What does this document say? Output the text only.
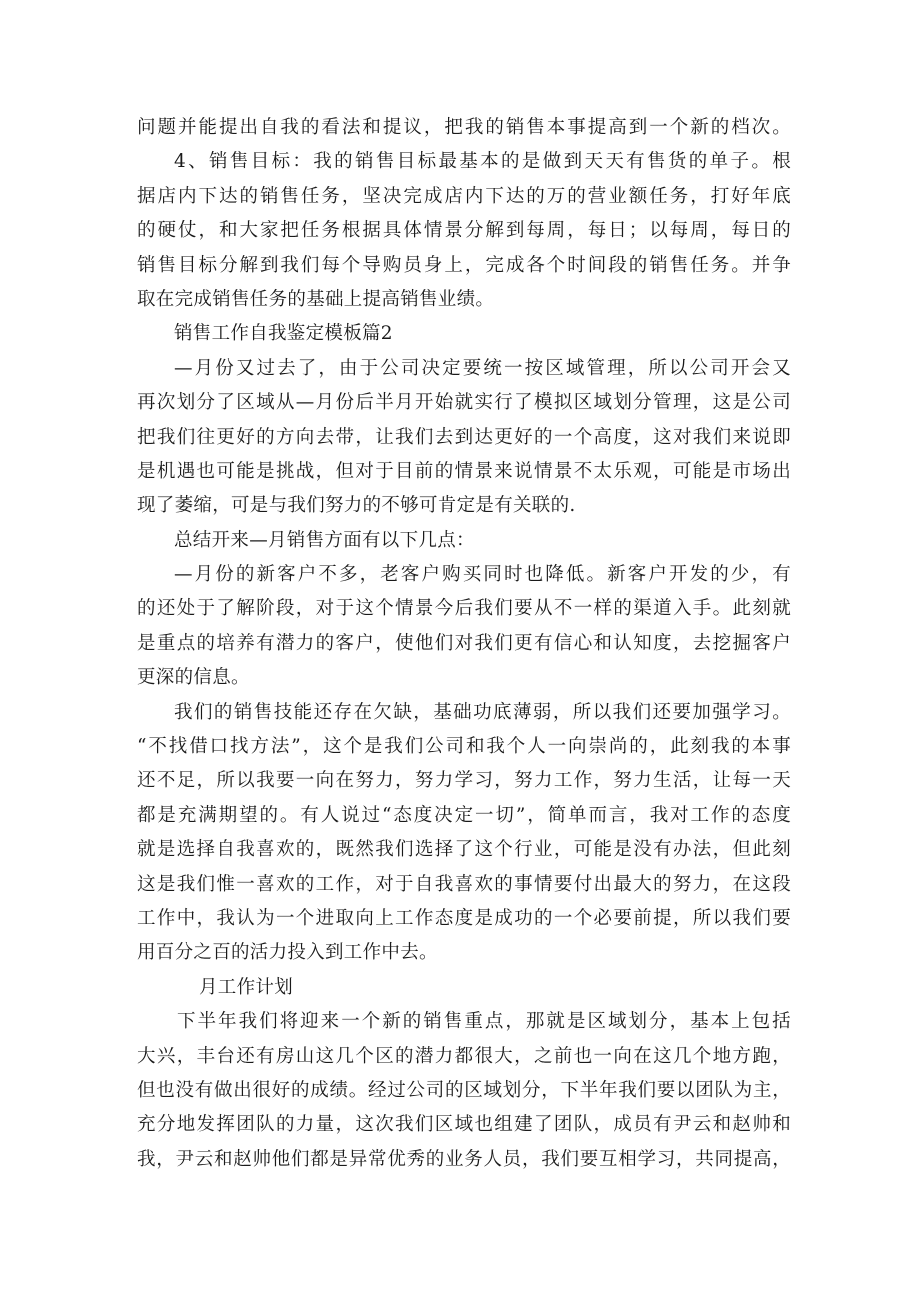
问题并能提出自我的看法和提议，把我的销售本事提高到一个新的档次。
4、销售目标：我的销售目标最基本的是做到天天有售货的单子。根
据店内下达的销售任务，坚决完成店内下达的万的营业额任务，打好年底
的硬仗，和大家把任务根据具体情景分解到每周，每日；以每周，每日的
销售目标分解到我们每个导购员身上，完成各个时间段的销售任务。并争
取在完成销售任务的基础上提高销售业绩。
销售工作自我鉴定模板篇2
—月份又过去了，由于公司决定要统一按区域管理，所以公司开会又
再次划分了区域从—月份后半月开始就实行了模拟区域划分管理，这是公司
把我们往更好的方向去带，让我们去到达更好的一个高度，这对我们来说即
是机遇也可能是挑战，但对于目前的情景来说情景不太乐观，可能是市场出
现了萎缩，可是与我们努力的不够可肯定是有关联的.
总结开来—月销售方面有以下几点：
—月份的新客户不多，老客户购买同时也降低。新客户开发的少，有
的还处于了解阶段，对于这个情景今后我们要从不一样的渠道入手。此刻就
是重点的培养有潜力的客户，使他们对我们更有信心和认知度，去挖掘客户
更深的信息。
我们的销售技能还存在欠缺，基础功底薄弱，所以我们还要加强学习。
“不找借口找方法”，这个是我们公司和我个人一向崇尚的，此刻我的本事
还不足，所以我要一向在努力，努力学习，努力工作，努力生活，让每一天
都是充满期望的。有人说过“态度决定一切”，简单而言，我对工作的态度
就是选择自我喜欢的，既然我们选择了这个行业，可能是没有办法，但此刻
这是我们惟一喜欢的工作，对于自我喜欢的事情要付出最大的努力，在这段
工作中，我认为一个进取向上工作态度是成功的一个必要前提，所以我们要
用百分之百的活力投入到工作中去。
月工作计划
下半年我们将迎来一个新的销售重点，那就是区域划分，基本上包括
大兴，丰台还有房山这几个区的潜力都很大，之前也一向在这几个地方跑，
但也没有做出很好的成绩。经过公司的区域划分，下半年我们要以团队为主，
充分地发挥团队的力量，这次我们区域也组建了团队，成员有尹云和赵帅和
我，尹云和赵帅他们都是异常优秀的业务人员，我们要互相学习，共同提高，
